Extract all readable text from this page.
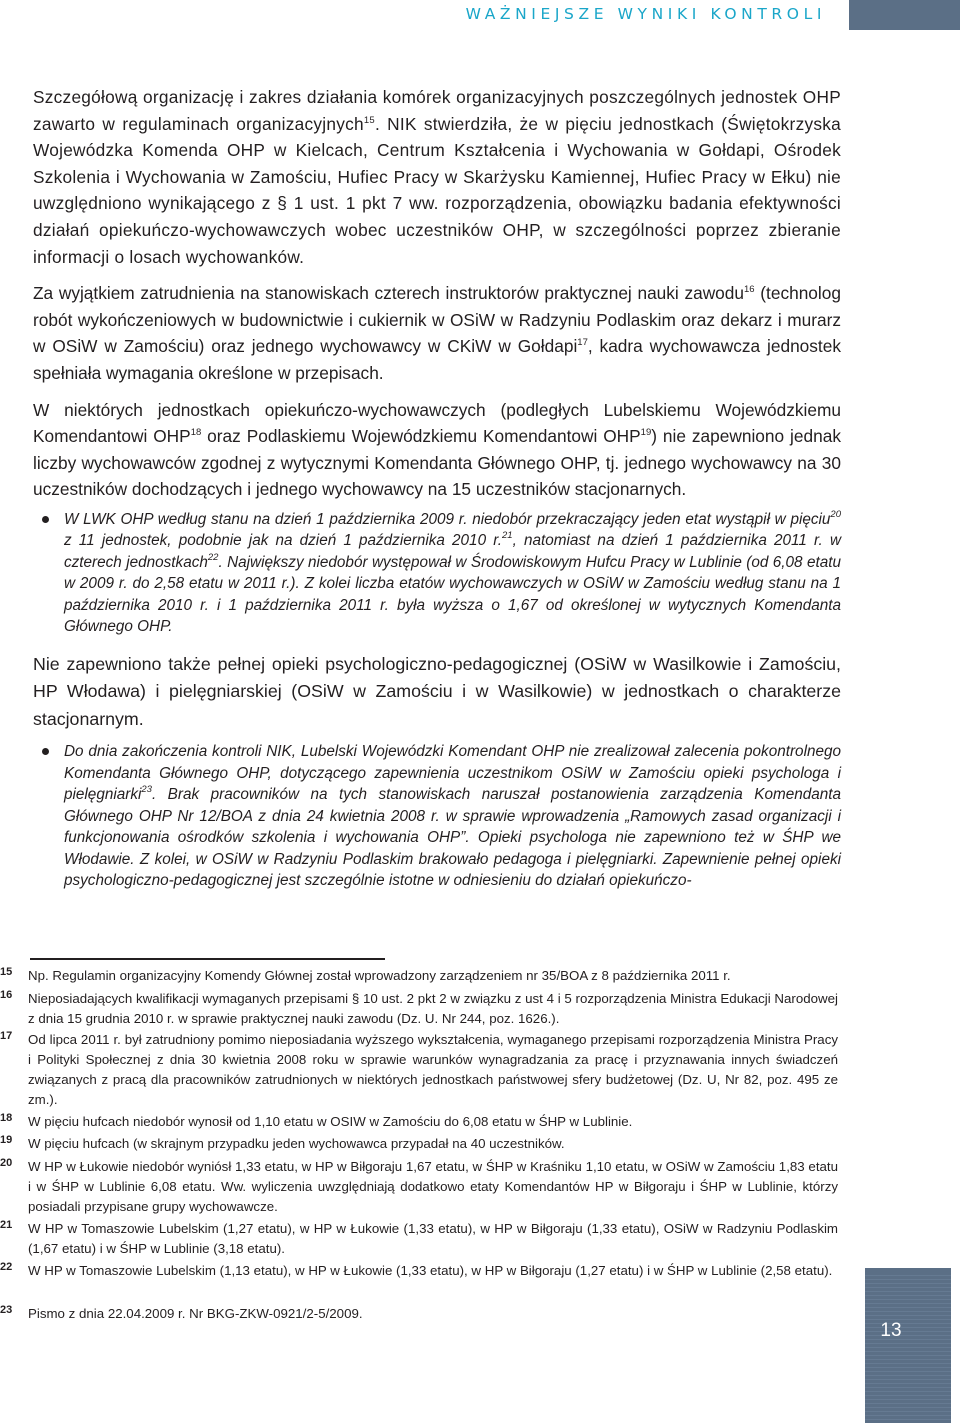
WAŻNIEJSZE WYNIKI KONTROLI

Szczegółową organizację i zakres działania komórek organizacyjnych poszczególnych jednostek OHP zawarto w regulaminach organizacyjnych$^{15}$. NIK stwierdziła, że w pięciu jednostkach (Świętokrzyska Wojewódzka Komenda OHP w Kielcach, Centrum Kształcenia i Wychowania w Gołdapi, Ośrodek Szkolenia i Wychowania w Zamościu, Hufiec Pracy w Skarżysku Kamiennej, Hufiec Pracy w Ełku) nie uwzględniono wynikającego z § 1 ust. 1 pkt 7 ww. rozporządzenia, obowiązku badania efektywności działań opiekuńczo-wychowawczych wobec uczestników OHP, w szczególności poprzez zbieranie informacji o losach wychowanków.

Za wyjątkiem zatrudnienia na stanowiskach czterech instruktorów praktycznej nauki zawodu$^{16}$ (technolog robót wykończeniowych w budownictwie i cukiernik w OSiW w Radzyniu Podlaskim oraz dekarz i murarz w OSiW w Zamościu) oraz jednego wychowawcy w CKiW w Gołdapi$^{17}$, kadra wychowawcza jednostek spełniała wymagania określone w przepisach.

W niektórych jednostkach opiekuńczo-wychowawczych (podległych Lubelskiemu Wojewódzkiemu Komendantowi OHP$^{18}$ oraz Podlaskiemu Wojewódzkiemu Komendantowi OHP$^{19}$) nie zapewniono jednak liczby wychowawców zgodnej z wytycznymi Komendanta Głównego OHP, tj. jednego wychowawcy na 30 uczestników dochodzących i jednego wychowawcy na 15 uczestników stacjonarnych.

W LWK OHP według stanu na dzień 1 października 2009 r. niedobór przekraczający jeden etat wystąpił w pięciu$^{20}$ z 11 jednostek, podobnie jak na dzień 1 października 2010 r.$^{21}$, natomiast na dzień 1 października 2011 r. w czterech jednostkach$^{22}$. Największy niedobór występował w Środowiskowym Hufcu Pracy w Lublinie (od 6,08 etatu w 2009 r. do 2,58 etatu w 2011 r.). Z kolei liczba etatów wychowawczych w OSiW w Zamościu według stanu na 1 października 2010 r. i 1 października 2011 r. była wyższa o 1,67 od określonej w wytycznych Komendanta Głównego OHP.

Nie zapewniono także pełnej opieki psychologiczno-pedagogicznej (OSiW w Wasilkowie i Zamościu, HP Włodawa) i pielęgniarskiej (OSiW w Zamościu i w Wasilkowie) w jednostkach o charakterze stacjonarnym.

Do dnia zakończenia kontroli NIK, Lubelski Wojewódzki Komendant OHP nie zrealizował zalecenia pokontrolnego Komendanta Głównego OHP, dotyczącego zapewnienia uczestnikom OSiW w Zamościu opieki psychologa i pielęgniarki$^{23}$. Brak pracowników na tych stanowiskach naruszał postanowienia zarządzenia Komendanta Głównego OHP Nr 12/BOA z dnia 24 kwietnia 2008 r. w sprawie wprowadzenia „Ramowych zasad organizacji i funkcjonowania ośrodków szkolenia i wychowania OHP”. Opieki psychologa nie zapewniono też w ŚHP we Włodawie. Z kolei, w OSiW w Radzyniu Podlaskim brakowało pedagoga i pielęgniarki. Zapewnienie pełnej opieki psychologiczno-pedagogicznej jest szczególnie istotne w odniesieniu do działań opiekuńczo-

15 Np. Regulamin organizacyjny Komendy Głównej został wprowadzony zarządzeniem nr 35/BOA z 8 października 2011 r.
16 Nieposiadających kwalifikacji wymaganych przepisami § 10 ust. 2 pkt 2 w związku z ust 4 i 5 rozporządzenia Ministra Edukacji Narodowej z dnia 15 grudnia 2010 r. w sprawie praktycznej nauki zawodu (Dz. U. Nr 244, poz. 1626.).
17 Od lipca 2011 r. był zatrudniony pomimo nieposiadania wyższego wykształcenia, wymaganego przepisami rozporządzenia Ministra Pracy i Polityki Społecznej z dnia 30 kwietnia 2008 roku w sprawie warunków wynagradzania za pracę i przyznawania innych świadczeń związanych z pracą dla pracowników zatrudnionych w niektórych jednostkach państwowej sfery budżetowej (Dz. U, Nr 82, poz. 495 ze zm.).
18 W pięciu hufcach niedobór wynosił od 1,10 etatu w OSIW w Zamościu do 6,08 etatu w ŚHP w Lublinie.
19 W pięciu hufcach (w skrajnym przypadku jeden wychowawca przypadał na 40 uczestników.
20 W HP w Łukowie niedobór wyniósł 1,33 etatu, w HP w Biłgoraju 1,67 etatu, w ŚHP w Kraśniku 1,10 etatu, w OSiW w Zamościu 1,83 etatu i w ŚHP w Lublinie 6,08 etatu. Ww. wyliczenia uwzględniają dodatkowo etaty Komendantów HP w Biłgoraju i ŚHP w Lublinie, którzy posiadali przypisane grupy wychowawcze.
21 W HP w Tomaszowie Lubelskim (1,27 etatu), w HP w Łukowie (1,33 etatu), w HP w Biłgoraju (1,33 etatu), OSiW w Radzyniu Podlaskim (1,67 etatu) i w ŚHP w Lublinie (3,18 etatu).
22 W HP w Tomaszowie Lubelskim (1,13 etatu), w HP w Łukowie (1,33 etatu), w HP w Biłgoraju (1,27 etatu) i w ŚHP w Lublinie (2,58 etatu).
23 Pismo z dnia 22.04.2009 r. Nr BKG-ZKW-0921/2-5/2009.
13
